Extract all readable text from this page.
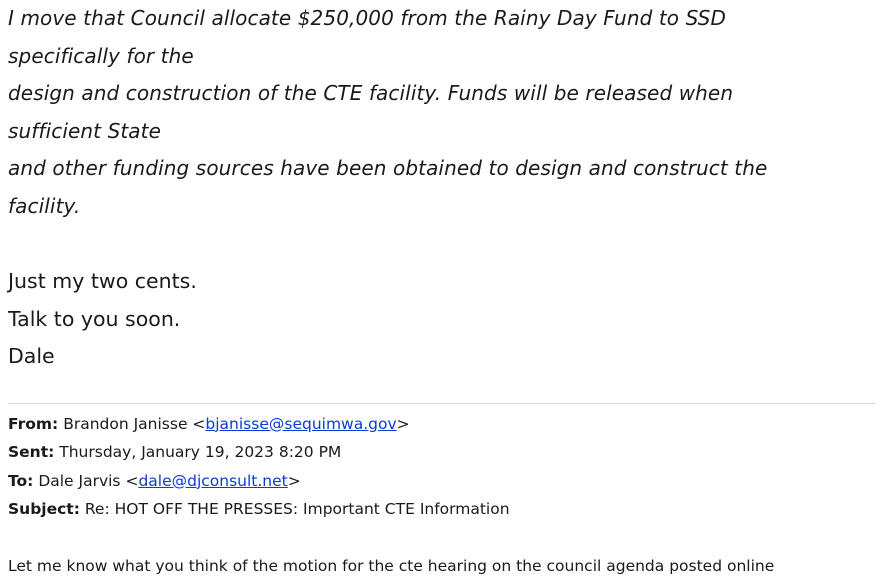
I move that Council allocate $250,000 from the Rainy Day Fund to SSD
specifically for the
design and construction of the CTE facility. Funds will be released when
sufficient State
and other funding sources have been obtained to design and construct the
facility.
Just my two cents.
Talk to you soon.
Dale
From: Brandon Janisse <bjanisse@sequimwa.gov>
Sent: Thursday, January 19, 2023 8:20 PM
To: Dale Jarvis <dale@djconsult.net>
Subject: Re: HOT OFF THE PRESSES: Important CTE Information
Let me know what you think of the motion for the cte hearing on the council agenda posted online
